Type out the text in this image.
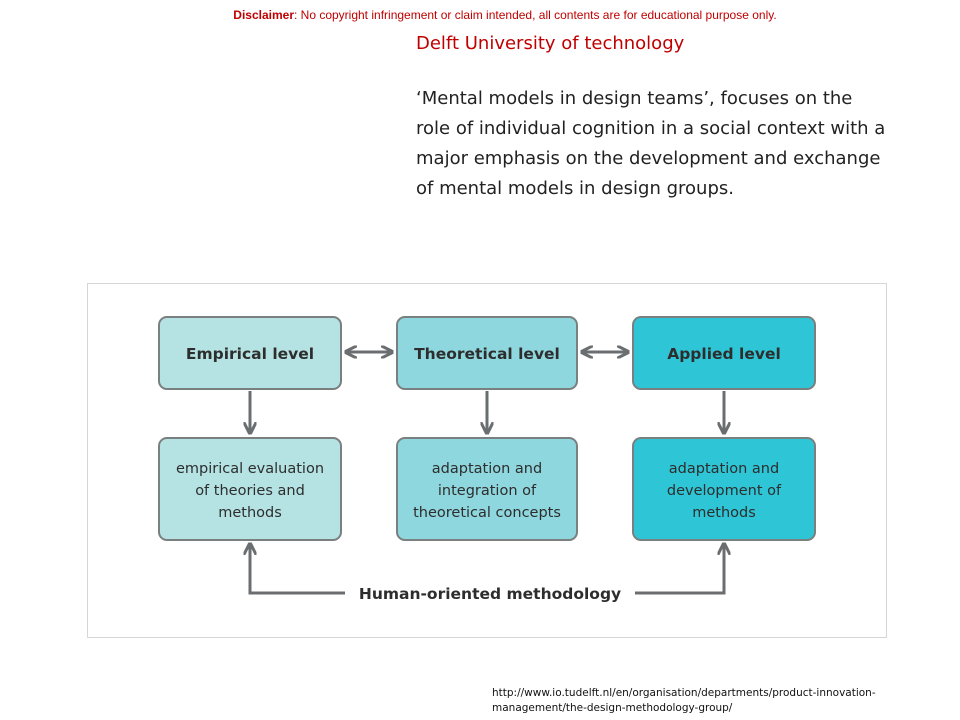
Disclaimer: No copyright infringement or claim intended, all contents are for educational purpose only.
Delft University of technology
‘Mental models in design teams’, focuses on the role of individual cognition in a social context with a major emphasis on the development and exchange of mental models in design groups.
Empirical level	Theoretical level	Applied level
empirical evaluation
of theories and
methods
adaptation and
integration of
theoretical concepts
adaptation and
development of
methods
Human-oriented methodology
http://www.io.tudelft.nl/en/organisation/departments/product-innovation-
management/the-design-methodology-group/
